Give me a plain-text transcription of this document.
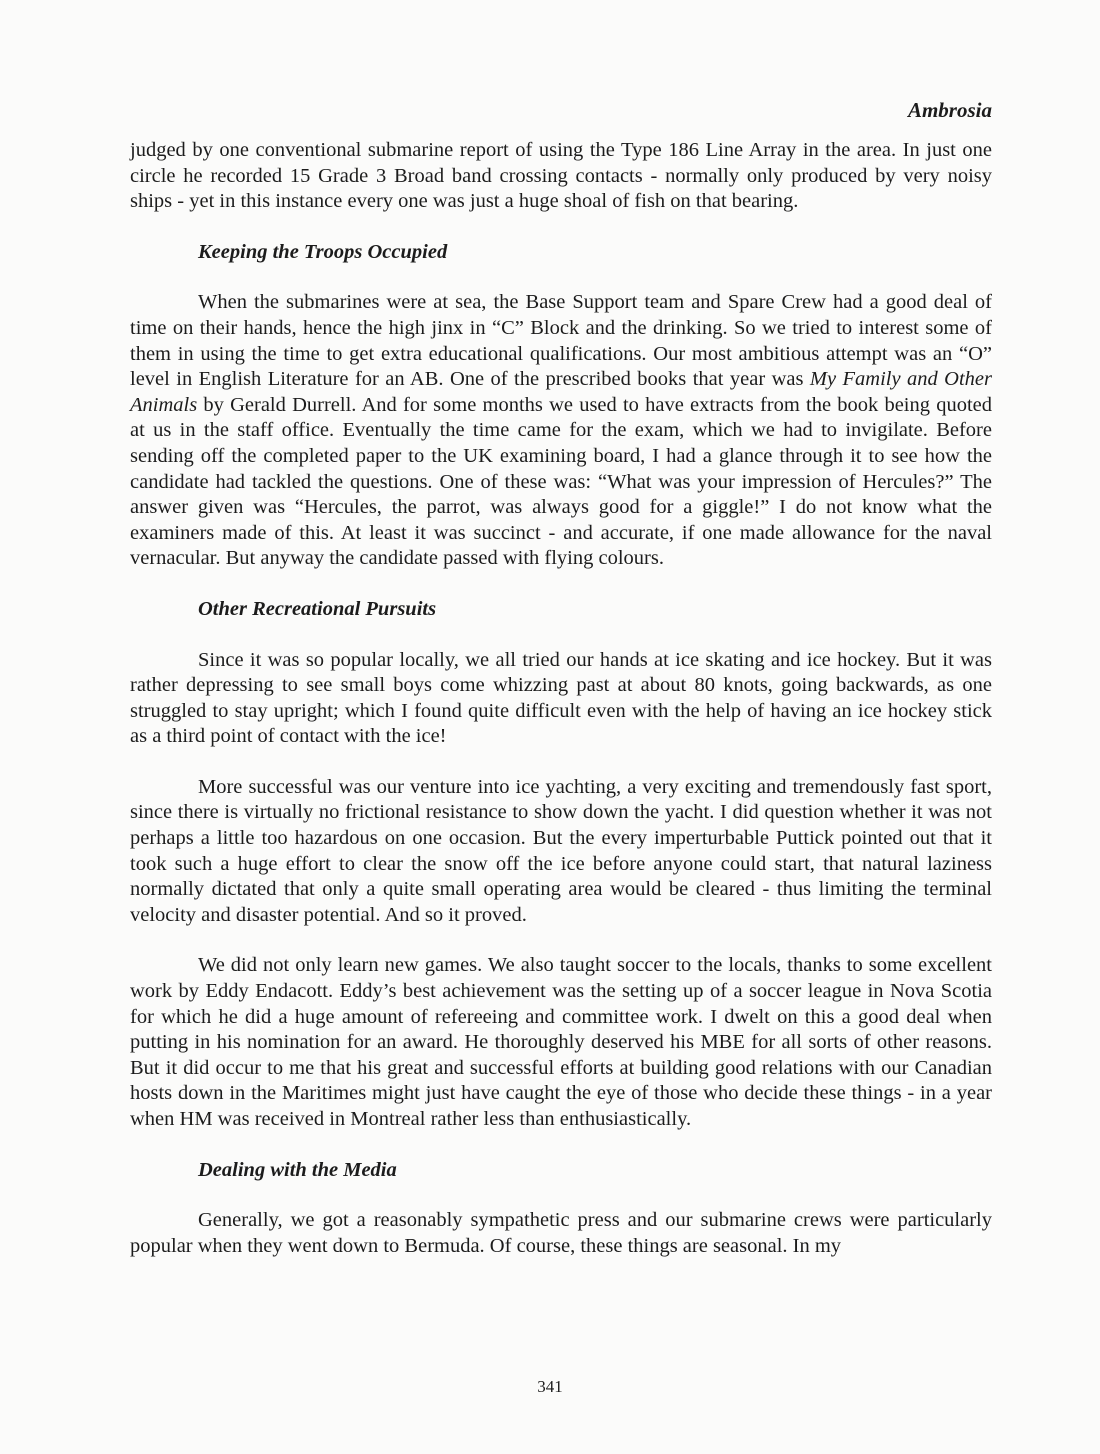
Ambrosia

judged by one conventional submarine report of using the Type 186 Line Array in the area. In just one circle he recorded 15 Grade 3 Broad band crossing contacts - normally only produced by very noisy ships - yet in this instance every one was just a huge shoal of fish on that bearing.

Keeping the Troops Occupied

When the submarines were at sea, the Base Support team and Spare Crew had a good deal of time on their hands, hence the high jinx in “C” Block and the drinking. So we tried to interest some of them in using the time to get extra educational qualifications. Our most ambitious attempt was an “O” level in English Literature for an AB. One of the prescribed books that year was My Family and Other Animals by Gerald Durrell. And for some months we used to have extracts from the book being quoted at us in the staff office. Eventually the time came for the exam, which we had to invigilate. Before sending off the completed paper to the UK examining board, I had a glance through it to see how the candidate had tackled the questions. One of these was: “What was your impression of Hercules?” The answer given was “Hercules, the parrot, was always good for a giggle!” I do not know what the examiners made of this. At least it was succinct - and accurate, if one made allowance for the naval vernacular. But anyway the candidate passed with flying colours.

Other Recreational Pursuits

Since it was so popular locally, we all tried our hands at ice skating and ice hockey. But it was rather depressing to see small boys come whizzing past at about 80 knots, going backwards, as one struggled to stay upright; which I found quite difficult even with the help of having an ice hockey stick as a third point of contact with the ice!

More successful was our venture into ice yachting, a very exciting and tremendously fast sport, since there is virtually no frictional resistance to show down the yacht. I did question whether it was not perhaps a little too hazardous on one occasion. But the every imperturbable Puttick pointed out that it took such a huge effort to clear the snow off the ice before anyone could start, that natural laziness normally dictated that only a quite small operating area would be cleared - thus limiting the terminal velocity and disaster potential. And so it proved.

We did not only learn new games. We also taught soccer to the locals, thanks to some excellent work by Eddy Endacott. Eddy’s best achievement was the setting up of a soccer league in Nova Scotia for which he did a huge amount of refereeing and committee work. I dwelt on this a good deal when putting in his nomination for an award. He thoroughly deserved his MBE for all sorts of other reasons. But it did occur to me that his great and successful efforts at building good relations with our Canadian hosts down in the Maritimes might just have caught the eye of those who decide these things - in a year when HM was received in Montreal rather less than enthusiastically.

Dealing with the Media

Generally, we got a reasonably sympathetic press and our submarine crews were particularly popular when they went down to Bermuda. Of course, these things are seasonal. In my

341
